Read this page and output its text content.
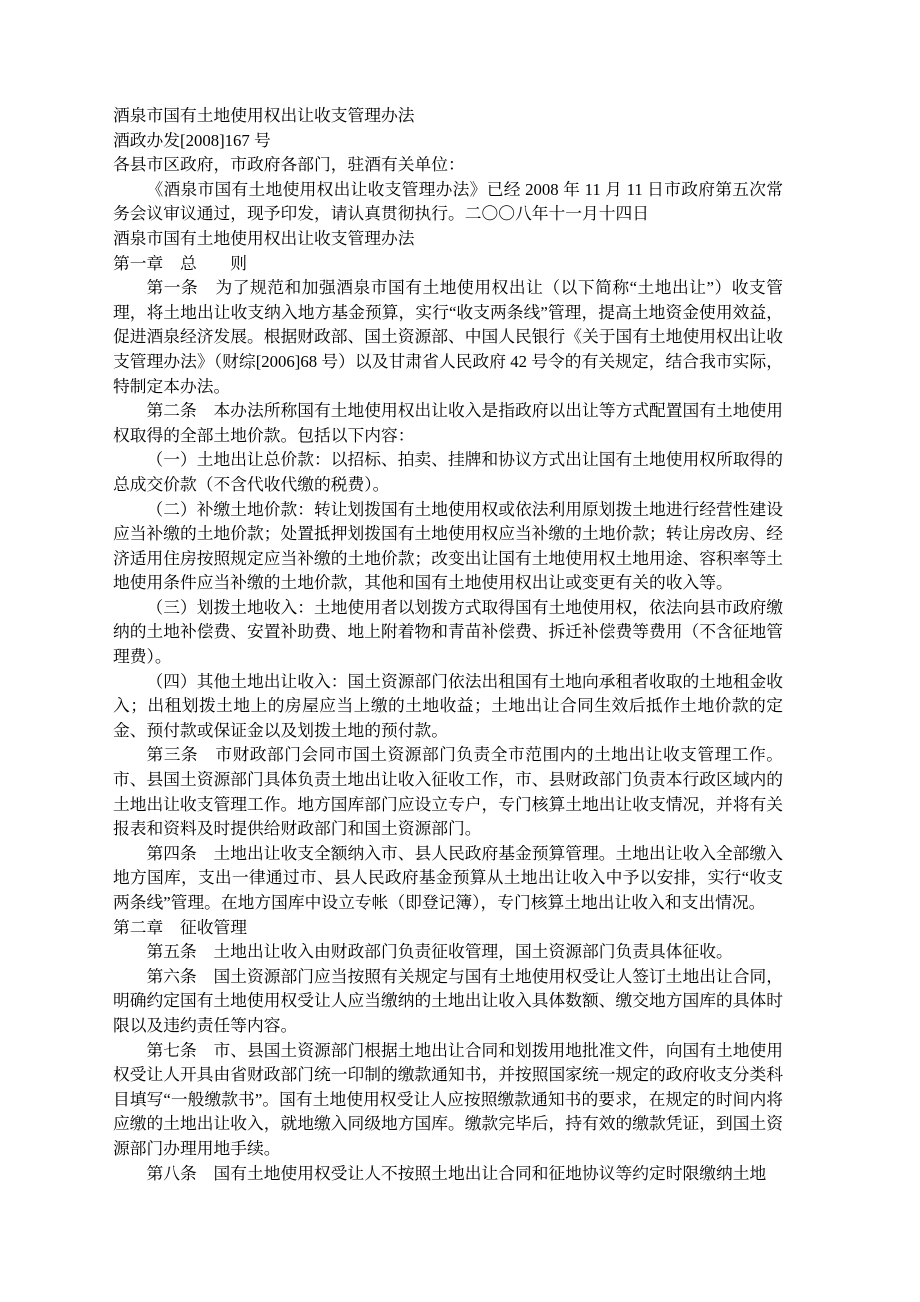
酒泉市国有土地使用权出让收支管理办法

酒政办发[2008]167 号

各县市区政府，市政府各部门，驻酒有关单位：

《酒泉市国有土地使用权出让收支管理办法》已经 2008 年 11 月 11 日市政府第五次常务会议审议通过，现予印发，请认真贯彻执行。二〇〇八年十一月十四日

酒泉市国有土地使用权出让收支管理办法

第一章　总　　则

第一条　为了规范和加强酒泉市国有土地使用权出让（以下简称“土地出让”）收支管理，将土地出让收支纳入地方基金预算，实行“收支两条线”管理，提高土地资金使用效益，促进酒泉经济发展。根据财政部、国土资源部、中国人民银行《关于国有土地使用权出让收支管理办法》（财综[2006]68 号）以及甘肃省人民政府 42 号令的有关规定，结合我市实际，特制定本办法。

第二条　本办法所称国有土地使用权出让收入是指政府以出让等方式配置国有土地使用权取得的全部土地价款。包括以下内容：

（一）土地出让总价款：以招标、拍卖、挂牌和协议方式出让国有土地使用权所取得的总成交价款（不含代收代缴的税费）。

（二）补缴土地价款：转让划拨国有土地使用权或依法利用原划拨土地进行经营性建设应当补缴的土地价款；处置抵押划拨国有土地使用权应当补缴的土地价款；转让房改房、经济适用住房按照规定应当补缴的土地价款；改变出让国有土地使用权土地用途、容积率等土地使用条件应当补缴的土地价款，其他和国有土地使用权出让或变更有关的收入等。

（三）划拨土地收入：土地使用者以划拨方式取得国有土地使用权，依法向县市政府缴纳的土地补偿费、安置补助费、地上附着物和青苗补偿费、拆迁补偿费等费用（不含征地管理费）。

（四）其他土地出让收入：国土资源部门依法出租国有土地向承租者收取的土地租金收入；出租划拨土地上的房屋应当上缴的土地收益；土地出让合同生效后抵作土地价款的定金、预付款或保证金以及划拨土地的预付款。

第三条　市财政部门会同市国土资源部门负责全市范围内的土地出让收支管理工作。市、县国土资源部门具体负责土地出让收入征收工作，市、县财政部门负责本行政区域内的土地出让收支管理工作。地方国库部门应设立专户，专门核算土地出让收支情况，并将有关报表和资料及时提供给财政部门和国土资源部门。

第四条　土地出让收支全额纳入市、县人民政府基金预算管理。土地出让收入全部缴入地方国库，支出一律通过市、县人民政府基金预算从土地出让收入中予以安排，实行“收支两条线”管理。在地方国库中设立专帐（即登记簿），专门核算土地出让收入和支出情况。

第二章　征收管理

第五条　土地出让收入由财政部门负责征收管理，国土资源部门负责具体征收。

第六条　国土资源部门应当按照有关规定与国有土地使用权受让人签订土地出让合同，明确约定国有土地使用权受让人应当缴纳的土地出让收入具体数额、缴交地方国库的具体时限以及违约责任等内容。

第七条　市、县国土资源部门根据土地出让合同和划拨用地批准文件，向国有土地使用权受让人开具由省财政部门统一印制的缴款通知书，并按照国家统一规定的政府收支分类科目填写“一般缴款书”。国有土地使用权受让人应按照缴款通知书的要求，在规定的时间内将应缴的土地出让收入，就地缴入同级地方国库。缴款完毕后，持有效的缴款凭证，到国土资源部门办理用地手续。

第八条　国有土地使用权受让人不按照土地出让合同和征地协议等约定时限缴纳土地
